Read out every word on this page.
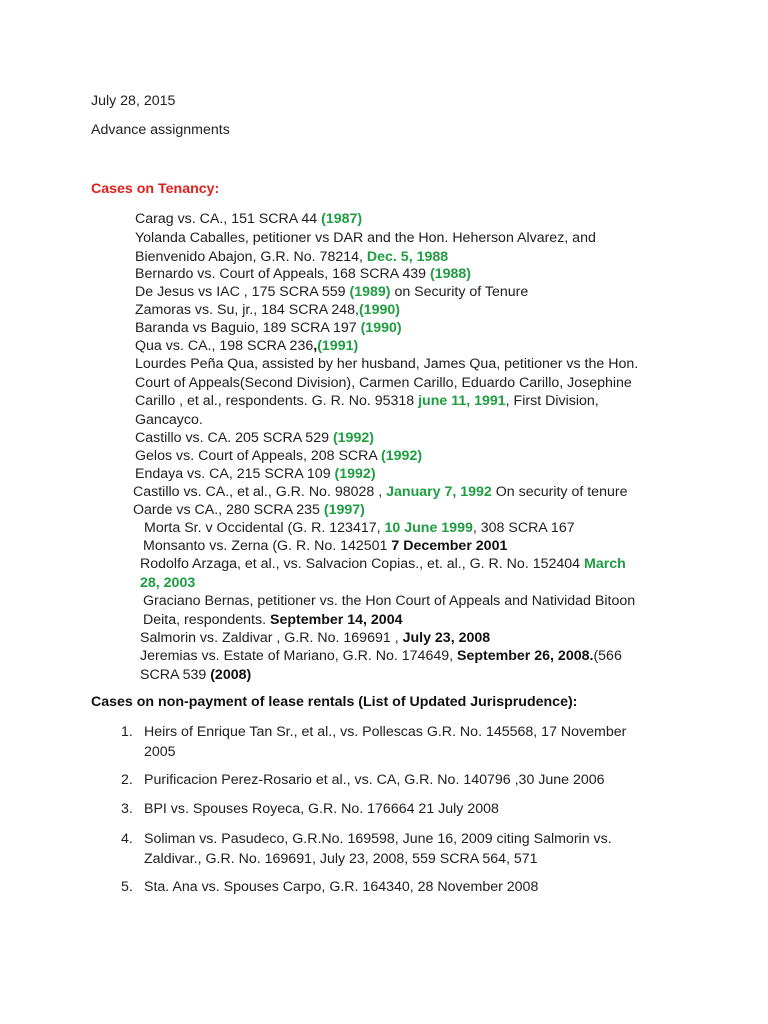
July 28, 2015
Advance assignments
Cases on Tenancy:
Carag vs. CA., 151 SCRA 44 (1987)
Yolanda Caballes, petitioner vs DAR and the Hon. Heherson Alvarez, and
Bienvenido Abajon, G.R. No. 78214, Dec. 5, 1988
Bernardo vs. Court of Appeals, 168 SCRA 439 (1988)
De Jesus vs IAC , 175 SCRA 559 (1989) on Security of Tenure
Zamoras vs. Su, jr., 184 SCRA 248,(1990)
Baranda vs Baguio, 189 SCRA 197 (1990)
Qua vs. CA., 198 SCRA 236,(1991)
Lourdes Peña Qua, assisted by her husband, James Qua, petitioner vs the Hon.
Court of Appeals(Second Division), Carmen Carillo, Eduardo Carillo, Josephine
Carillo , et al., respondents. G. R. No. 95318 june 11, 1991, First Division,
Gancayco.
Castillo vs. CA. 205 SCRA 529 (1992)
Gelos vs. Court of Appeals, 208 SCRA (1992)
Endaya vs. CA, 215 SCRA 109 (1992)
Castillo vs. CA., et al., G.R. No. 98028 , January 7, 1992 On security of tenure
Oarde vs CA., 280 SCRA 235 (1997)
Morta Sr. v Occidental (G. R. 123417, 10 June 1999, 308 SCRA 167
Monsanto vs. Zerna (G. R. No. 142501 7 December 2001
Rodolfo Arzaga, et al., vs. Salvacion Copias., et. al., G. R. No. 152404 March
28, 2003
Graciano Bernas, petitioner vs. the Hon Court of Appeals and Natividad Bitoon
Deita, respondents. September 14, 2004
Salmorin vs. Zaldivar , G.R. No. 169691 , July 23, 2008
Jeremias vs. Estate of Mariano, G.R. No. 174649, September 26, 2008.(566
SCRA 539 (2008)
Cases on non-payment of lease rentals (List of Updated Jurisprudence):
1. Heirs of Enrique Tan Sr., et al., vs. Pollescas G.R. No. 145568, 17 November
2005
2. Purificacion Perez-Rosario et al., vs. CA, G.R. No. 140796 ,30 June 2006
3. BPI vs. Spouses Royeca, G.R. No. 176664 21 July 2008
4. Soliman vs. Pasudeco, G.R.No. 169598, June 16, 2009 citing Salmorin vs.
Zaldivar., G.R. No. 169691, July 23, 2008, 559 SCRA 564, 571
5. Sta. Ana vs. Spouses Carpo, G.R. 164340, 28 November 2008
